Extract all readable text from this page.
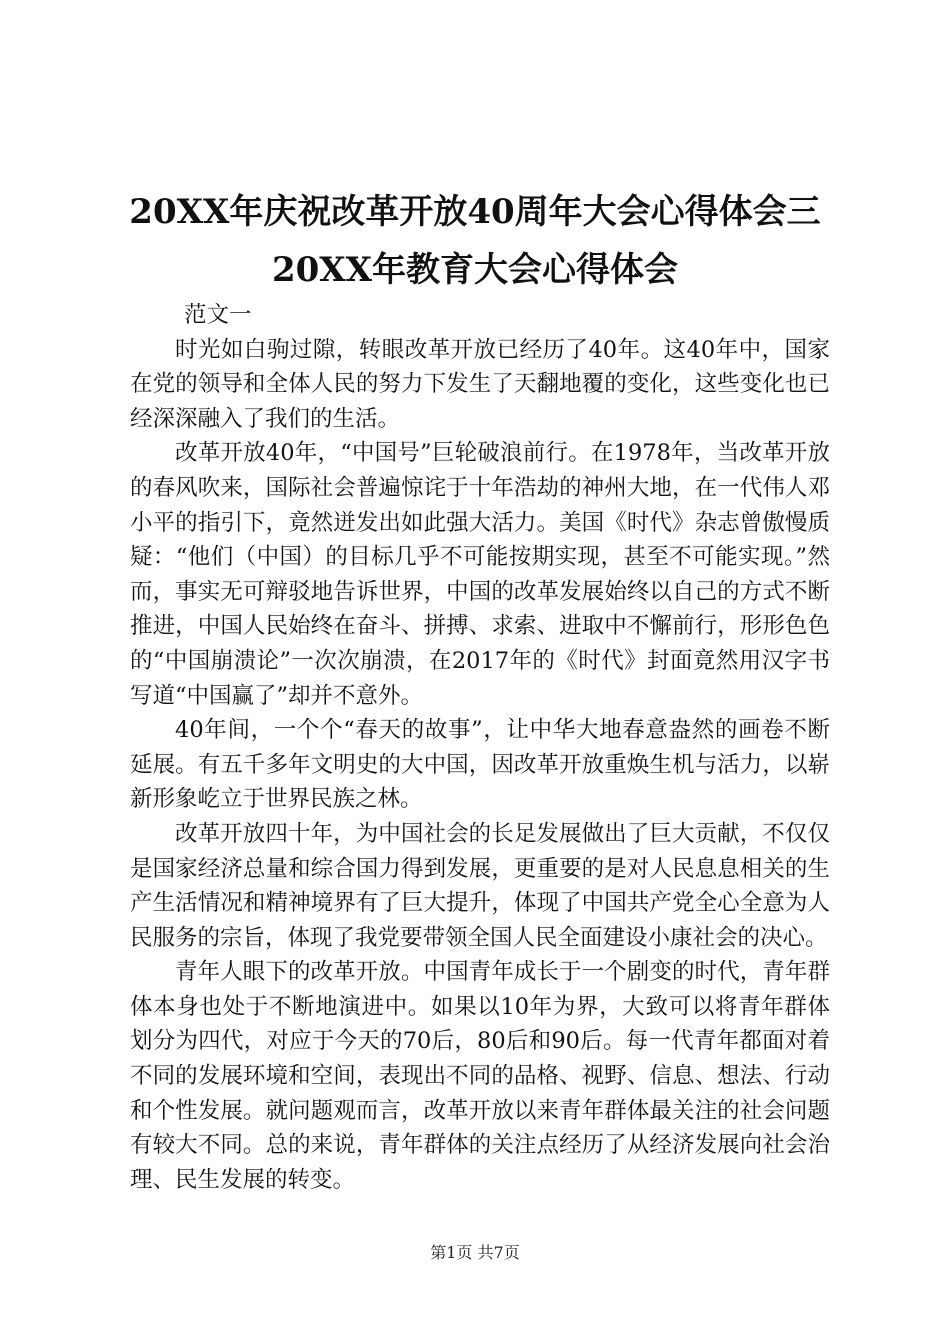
20XX年庆祝改革开放40周年大会心得体会三
20XX年教育大会心得体会

范文一

时光如白驹过隙，转眼改革开放已经历了40年。这40年中，国家在党的领导和全体人民的努力下发生了天翻地覆的变化，这些变化也已经深深融入了我们的生活。

改革开放40年，“中国号”巨轮破浪前行。在1978年，当改革开放的春风吹来，国际社会普遍惊诧于十年浩劫的神州大地，在一代伟人邓小平的指引下，竟然迸发出如此强大活力。美国《时代》杂志曾傲慢质疑：“他们（中国）的目标几乎不可能按期实现，甚至不可能实现。”然而，事实无可辩驳地告诉世界，中国的改革发展始终以自己的方式不断推进，中国人民始终在奋斗、拼搏、求索、进取中不懈前行，形形色色的“中国崩溃论”一次次崩溃，在2017年的《时代》封面竟然用汉字书写道“中国赢了”却并不意外。

40年间，一个个“春天的故事”，让中华大地春意盎然的画卷不断延展。有五千多年文明史的大中国，因改革开放重焕生机与活力，以崭新形象屹立于世界民族之林。

改革开放四十年，为中国社会的长足发展做出了巨大贡献，不仅仅是国家经济总量和综合国力得到发展，更重要的是对人民息息相关的生产生活情况和精神境界有了巨大提升，体现了中国共产党全心全意为人民服务的宗旨，体现了我党要带领全国人民全面建设小康社会的决心。

青年人眼下的改革开放。中国青年成长于一个剧变的时代，青年群体本身也处于不断地演进中。如果以10年为界，大致可以将青年群体划分为四代，对应于今天的70后，80后和90后。每一代青年都面对着不同的发展环境和空间，表现出不同的品格、视野、信息、想法、行动和个性发展。就问题观而言，改革开放以来青年群体最关注的社会问题有较大不同。总的来说，青年群体的关注点经历了从经济发展向社会治理、民生发展的转变。

第1页 共7页
